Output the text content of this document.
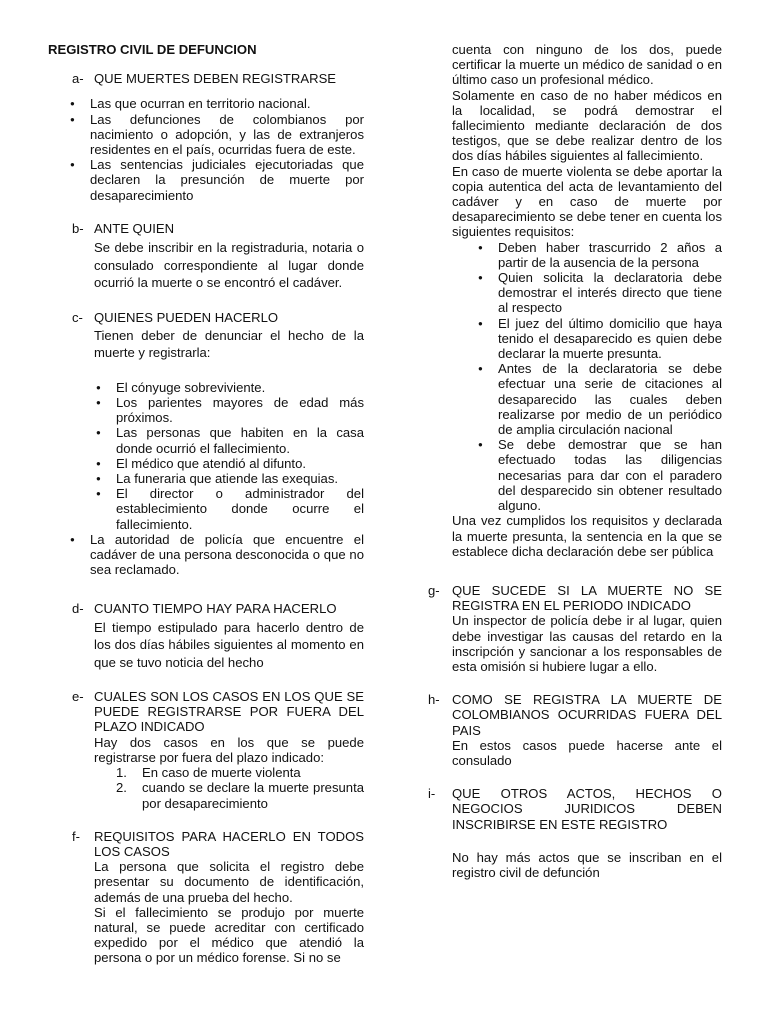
REGISTRO CIVIL DE DEFUNCION
a- QUE MUERTES DEBEN REGISTRARSE
● Las que ocurran en territorio nacional.
● Las defunciones de colombianos por nacimiento o adopción, y las de extranjeros residentes en el país, ocurridas fuera de este.
● Las sentencias judiciales ejecutoriadas que declaren la presunción de muerte por desaparecimiento
b- ANTE QUIEN
Se debe inscribir en la registraduria, notaria o consulado correspondiente al lugar donde ocurrió la muerte o se encontró el cadáver.
c- QUIENES PUEDEN HACERLO
Tienen deber de denunciar el hecho de la muerte y registrarla:
● El cónyuge sobreviviente.
● Los parientes mayores de edad más próximos.
● Las personas que habiten en la casa donde ocurrió el fallecimiento.
● El médico que atendió al difunto.
● La funeraria que atiende las exequias.
● El director o administrador del establecimiento donde ocurre el fallecimiento.
● La autoridad de policía que encuentre el cadáver de una persona desconocida o que no sea reclamado.
d- CUANTO TIEMPO HAY PARA HACERLO
El tiempo estipulado para hacerlo dentro de los dos días hábiles siguientes al momento en que se tuvo noticia del hecho
e- CUALES SON LOS CASOS EN LOS QUE SE PUEDE REGISTRARSE POR FUERA DEL PLAZO INDICADO
Hay dos casos en los que se puede registrarse por fuera del plazo indicado:
1. En caso de muerte violenta
2. cuando se declare la muerte presunta por desaparecimiento
f-	REQUISITOS PARA HACERLO EN TODOS LOS CASOS
La persona que solicita el registro debe presentar su documento de identificación, además de una prueba del hecho.
Si el fallecimiento se produjo por muerte natural, se puede acreditar con certificado expedido por el médico que atendió la persona o por un médico forense. Si no se
cuenta con ninguno de los dos, puede certificar la muerte un médico de sanidad o en último caso un profesional médico.
Solamente en caso de no haber médicos en la localidad, se podrá demostrar el fallecimiento mediante declaración de dos testigos, que se debe realizar dentro de los dos días hábiles siguientes al fallecimiento.
En caso de muerte violenta se debe aportar la copia autentica del acta de levantamiento del cadáver y en caso de muerte por desaparecimiento se debe tener en cuenta los siguientes requisitos:
● Deben haber trascurrido 2 años a partir de la ausencia de la persona
● Quien solicita la declaratoria debe demostrar el interés directo que tiene al respecto
● El juez del último domicilio que haya tenido el desaparecido es quien debe declarar la muerte presunta.
● Antes de la declaratoria se debe efectuar una serie de citaciones al desaparecido las cuales deben realizarse por medio de un periódico de amplia circulación nacional
● Se debe demostrar que se han efectuado todas las diligencias necesarias para dar con el paradero del desparecido sin obtener resultado alguno.
Una vez cumplidos los requisitos y declarada la muerte presunta, la sentencia en la que se establece dicha declaración debe ser pública
g- QUE SUCEDE SI LA MUERTE NO SE REGISTRA EN EL PERIODO INDICADO
Un inspector de policía debe ir al lugar, quien debe investigar las causas del retardo en la inscripción y sancionar a los responsables de esta omisión si hubiere lugar a ello.
h- COMO SE REGISTRA LA MUERTE DE COLOMBIANOS OCURRIDAS FUERA DEL PAIS
En estos casos puede hacerse ante el consulado
i-	QUE OTROS ACTOS, HECHOS O NEGOCIOS JURIDICOS DEBEN INSCRIBIRSE EN ESTE REGISTRO
No hay más actos que se inscriban en el registro civil de defunción
